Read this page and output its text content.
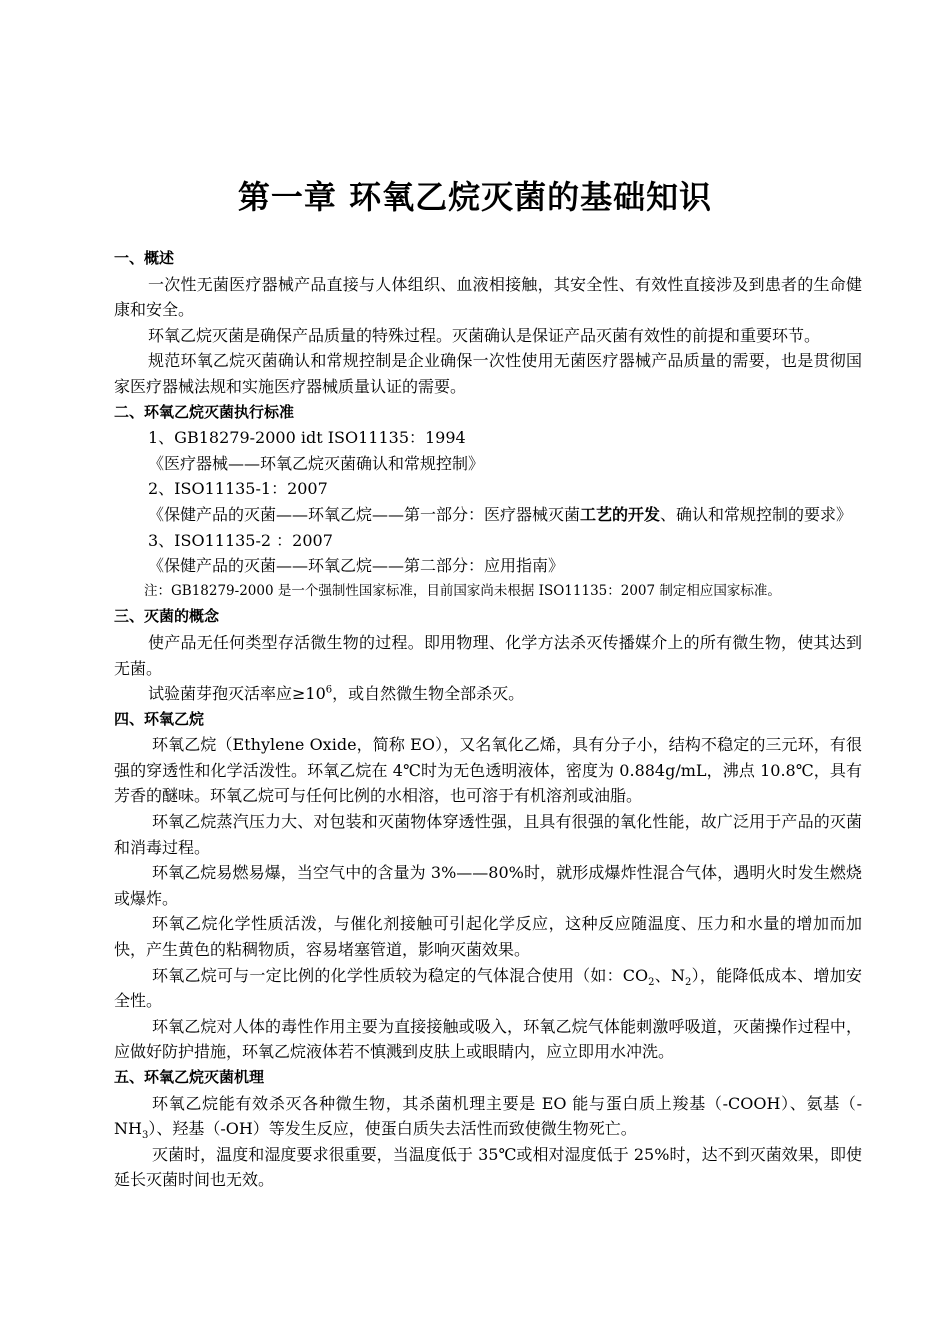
第一章 环氧乙烷灭菌的基础知识

一、概述

一次性无菌医疗器械产品直接与人体组织、血液相接触，其安全性、有效性直接涉及到患者的生命健康和安全。

环氧乙烷灭菌是确保产品质量的特殊过程。灭菌确认是保证产品灭菌有效性的前提和重要环节。

规范环氧乙烷灭菌确认和常规控制是企业确保一次性使用无菌医疗器械产品质量的需要，也是贯彻国家医疗器械法规和实施医疗器械质量认证的需要。

二、环氧乙烷灭菌执行标准

1、GB18279-2000 idt ISO11135：1994

《医疗器械——环氧乙烷灭菌确认和常规控制》

2、ISO11135-1：2007

《保健产品的灭菌——环氧乙烷——第一部分：医疗器械灭菌工艺的开发、确认和常规控制的要求》

3、ISO11135-2 ：2007

《保健产品的灭菌——环氧乙烷——第二部分：应用指南》

注：GB18279-2000 是一个强制性国家标准，目前国家尚未根据 ISO11135：2007 制定相应国家标准。

三、灭菌的概念

使产品无任何类型存活微生物的过程。即用物理、化学方法杀灭传播媒介上的所有微生物，使其达到无菌。

试验菌芽孢灭活率应$\ge 10^6$，或自然微生物全部杀灭。

四、环氧乙烷

环氧乙烷（Ethylene Oxide，简称 EO），又名氧化乙烯，具有分子小，结构不稳定的三元环，有很强的穿透性和化学活泼性。环氧乙烷在 4℃时为无色透明液体，密度为 0.884g/mL，沸点 10.8℃，具有芳香的醚味。环氧乙烷可与任何比例的水相溶，也可溶于有机溶剂或油脂。

环氧乙烷蒸汽压力大、对包装和灭菌物体穿透性强，且具有很强的氧化性能，故广泛用于产品的灭菌和消毒过程。

环氧乙烷易燃易爆，当空气中的含量为 3%——80%时，就形成爆炸性混合气体，遇明火时发生燃烧或爆炸。

环氧乙烷化学性质活泼，与催化剂接触可引起化学反应，这种反应随温度、压力和水量的增加而加快，产生黄色的粘稠物质，容易堵塞管道，影响灭菌效果。

环氧乙烷可与一定比例的化学性质较为稳定的气体混合使用（如：$CO_2$、$N_2$），能降低成本、增加安全性。

环氧乙烷对人体的毒性作用主要为直接接触或吸入，环氧乙烷气体能刺激呼吸道，灭菌操作过程中，应做好防护措施，环氧乙烷液体若不慎溅到皮肤上或眼睛内，应立即用水冲洗。

五、环氧乙烷灭菌机理

环氧乙烷能有效杀灭各种微生物，其杀菌机理主要是 EO 能与蛋白质上羧基（-COOH）、氨基$(-NH_3)$、羟基（-OH）等发生反应，使蛋白质失去活性而致使微生物死亡。

灭菌时，温度和湿度要求很重要，当温度低于 35℃或相对湿度低于 25%时，达不到灭菌效果，即使延长灭菌时间也无效。
